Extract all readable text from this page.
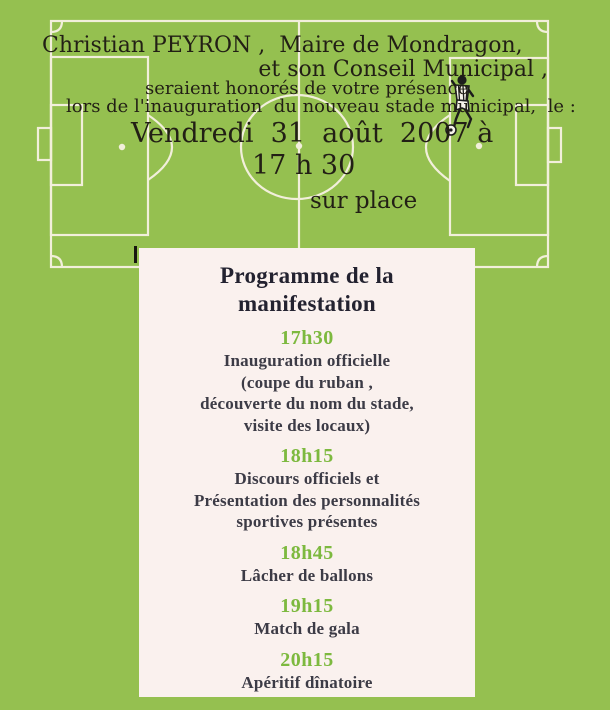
Christian PEYRON ,  Maire de Mondragon,
et son Conseil Municipal ,
seraient honorés de votre présence
lors de l'inauguration  du nouveau stade municipal,  le :
Vendredi  31  août  2007 à
17 h 30
sur place
Programme de la
manifestation
17h30
Inauguration officielle
(coupe du ruban ,
découverte du nom du stade,
visite des locaux)
18h15
Discours officiels et
Présentation des personnalités
sportives présentes
18h45
Lâcher de ballons
19h15
Match de gala
20h15
Apéritif dînatoire
